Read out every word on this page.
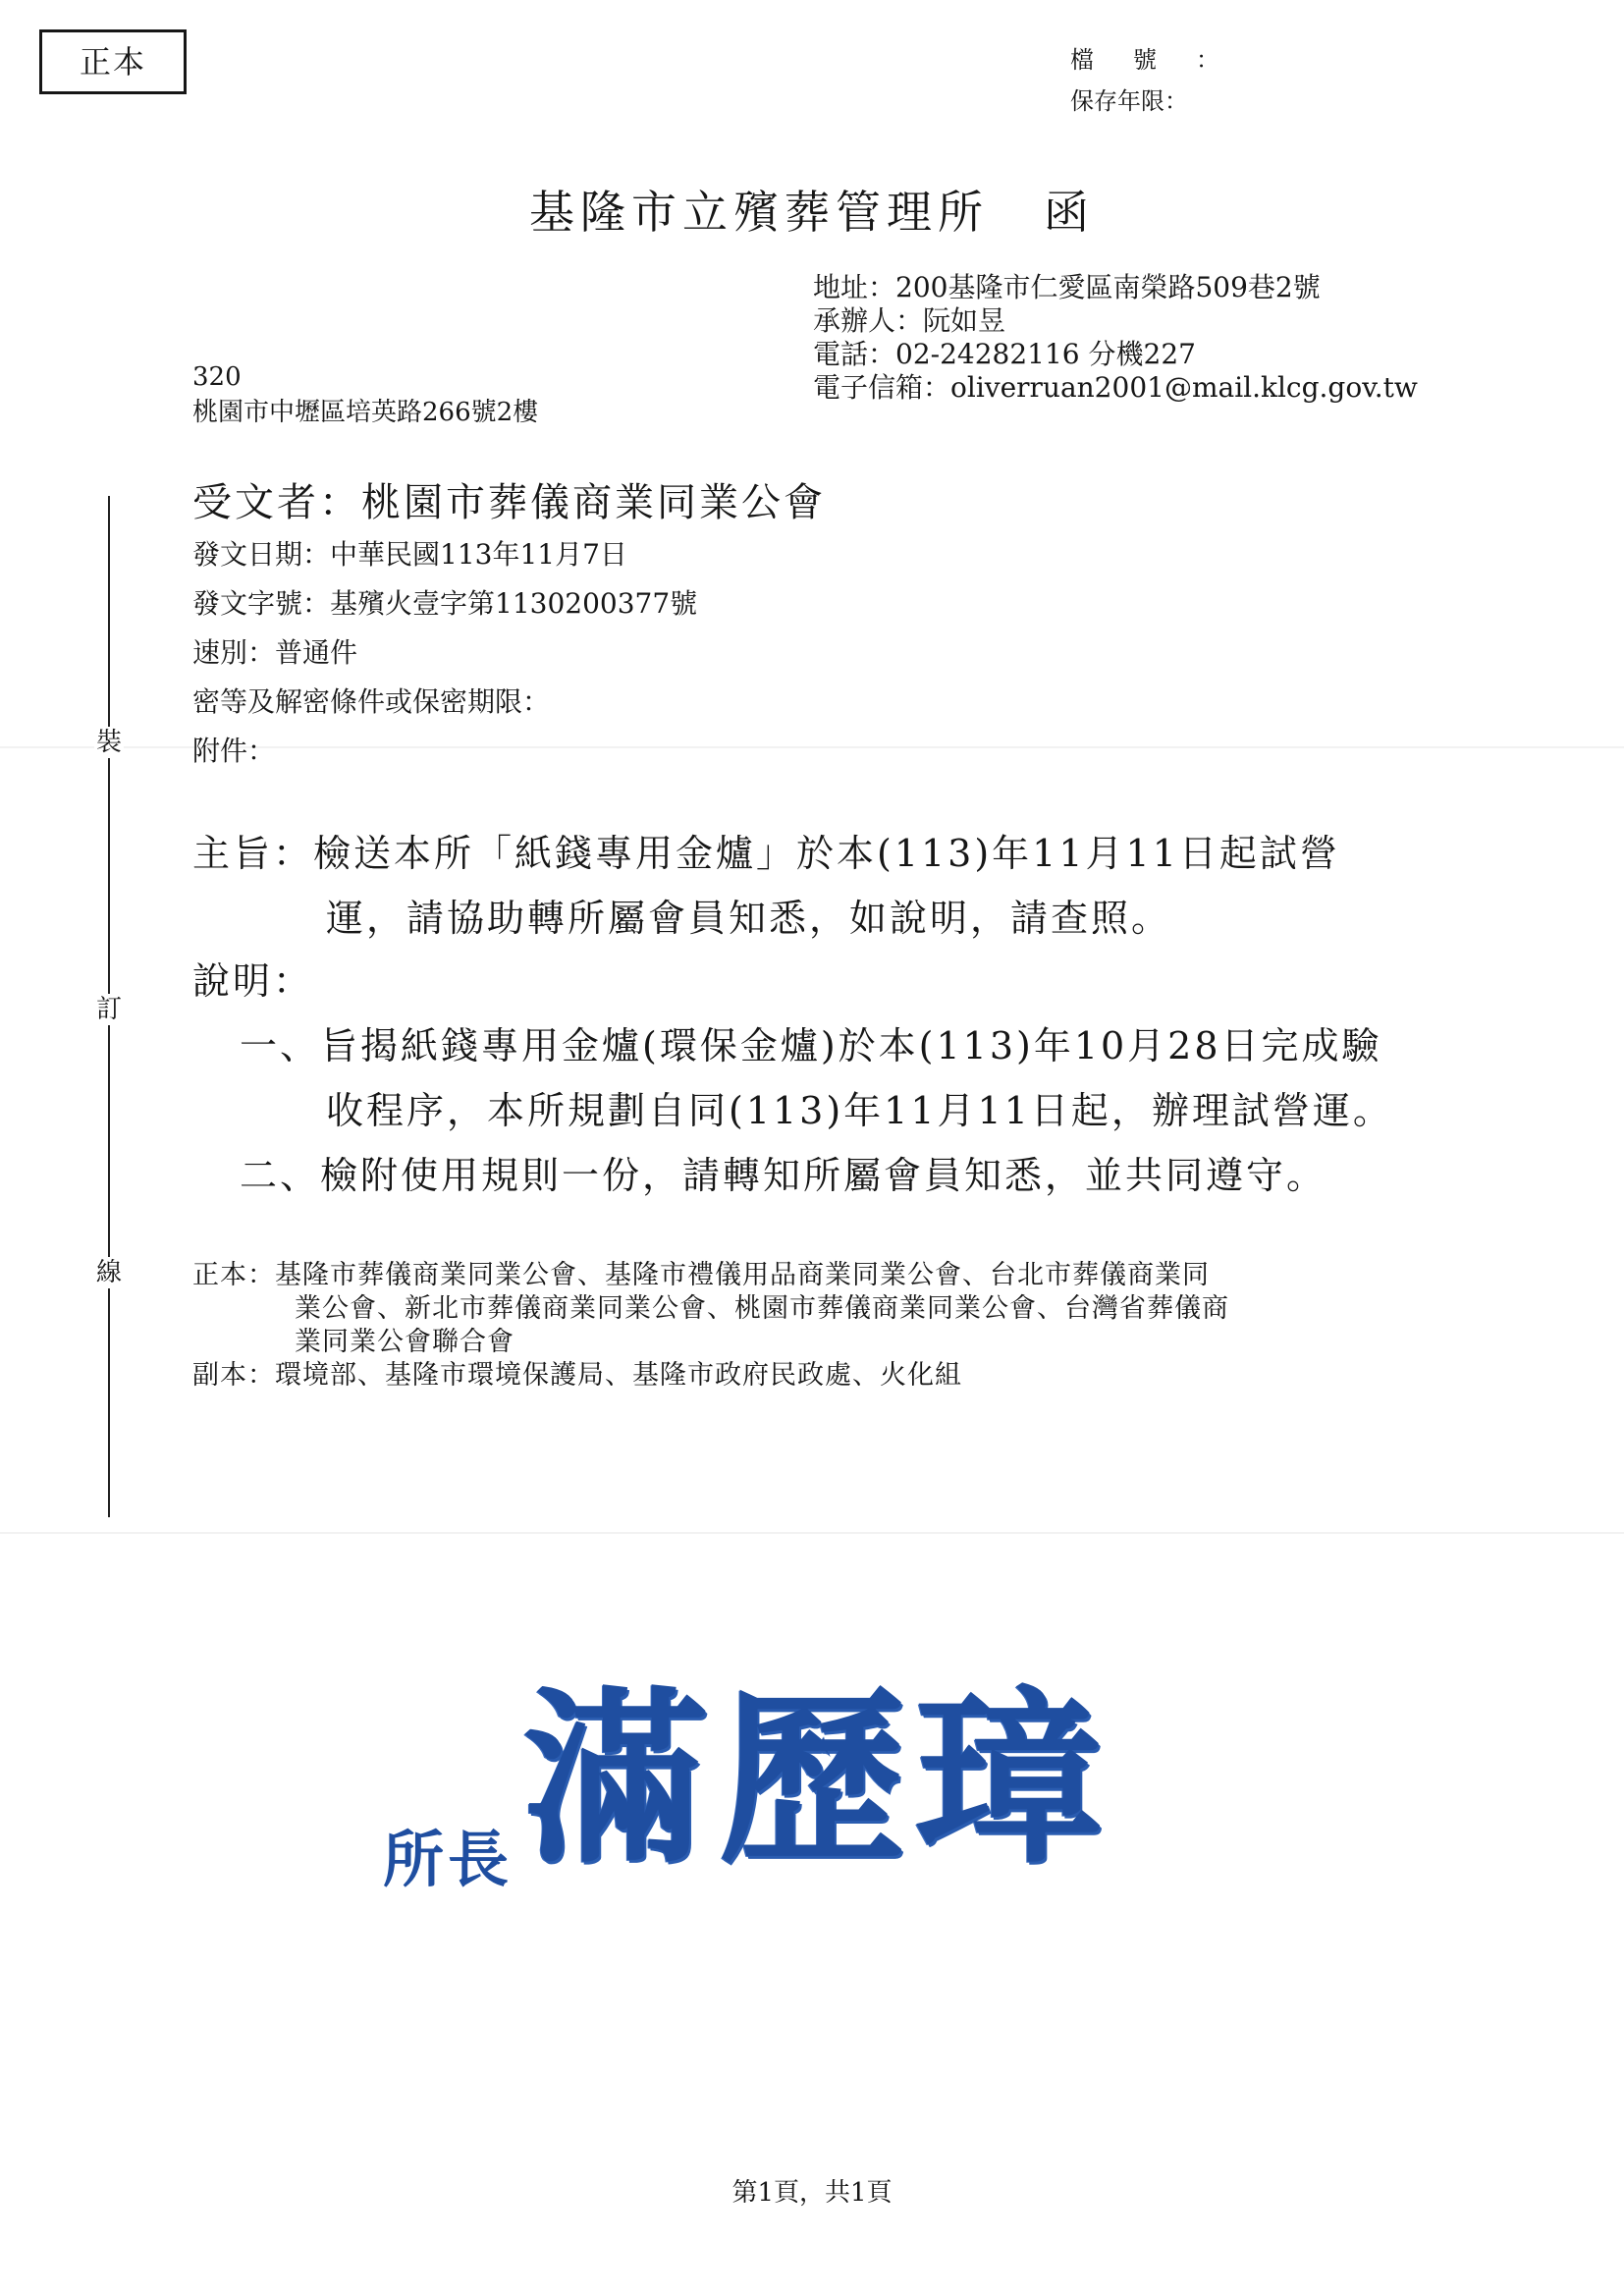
正本	檔號：
保存年限：
基隆市立殯葬管理所 函
地址：200基隆市仁愛區南榮路509巷2號
承辦人：阮如昱
電話：02-24282116 分機227
電子信箱：oliverruan2001@mail.klcg.gov.tw
320
桃園市中壢區培英路266號2樓
受文者：桃園市葬儀商業同業公會
發文日期：中華民國113年11月7日
發文字號：基殯火壹字第1130200377號
速別：普通件
密等及解密條件或保密期限：
附件：
裝
訂
線
主旨：檢送本所「紙錢專用金爐」於本(113)年11月11日起試營
運，請協助轉所屬會員知悉，如說明，請查照。
說明：
一、旨揭紙錢專用金爐(環保金爐)於本(113)年10月28日完成驗
收程序，本所規劃自同(113)年11月11日起，辦理試營運。
二、檢附使用規則一份，請轉知所屬會員知悉，並共同遵守。
正本：基隆市葬儀商業同業公會、基隆市禮儀用品商業同業公會、台北市葬儀商業同
業公會、新北市葬儀商業同業公會、桃園市葬儀商業同業公會、台灣省葬儀商
業同業公會聯合會
副本：環境部、基隆市環境保護局、基隆市政府民政處、火化組
所長滿歷璋
第1頁，共1頁
